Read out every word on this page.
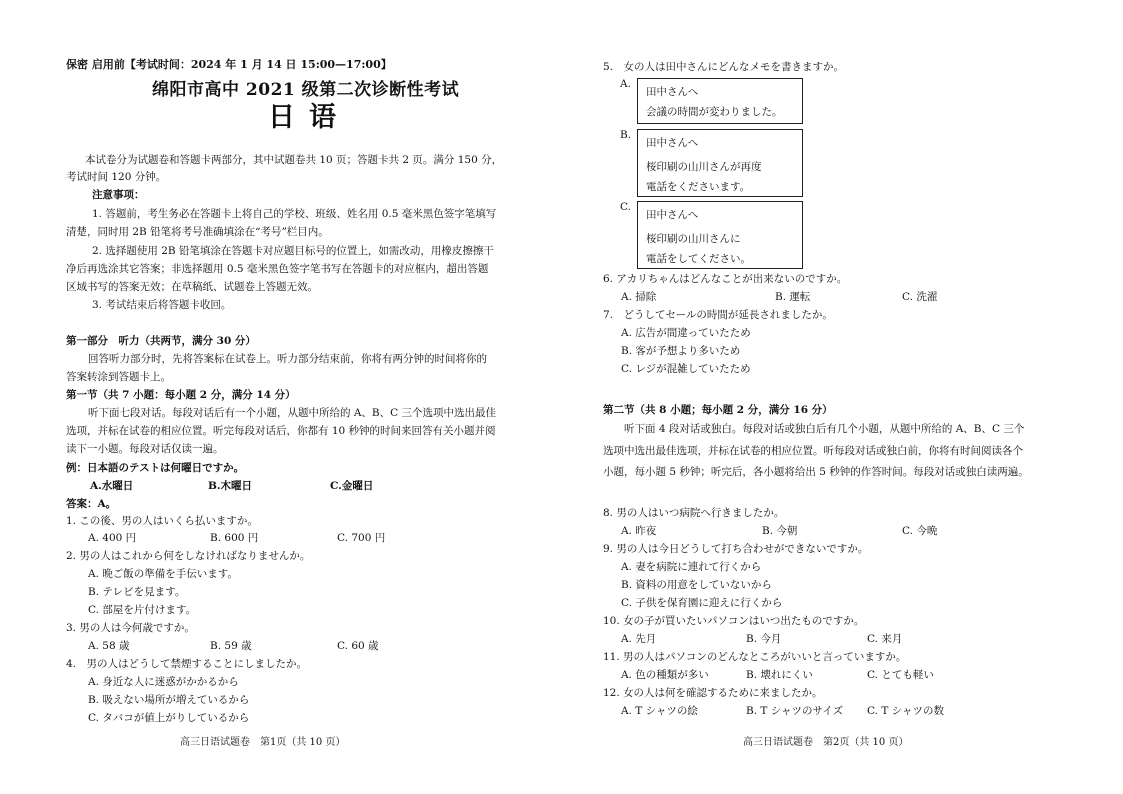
保密 启用前【考试时间：2024 年 1 月 14 日 15:00—17:00】
绵阳市高中 2021 级第二次诊断性考试
日语
本试卷分为试题卷和答题卡两部分，其中试题卷共 10 页；答题卡共 2 页。满分 150 分，
考试时间 120 分钟。
注意事项：
1. 答题前，考生务必在答题卡上将自己的学校、班级、姓名用 0.5 毫米黑色签字笔填写
清楚，同时用 2B 铅笔将考号准确填涂在“考号”栏目内。
2. 选择题使用 2B 铅笔填涂在答题卡对应题目标号的位置上，如需改动，用橡皮擦擦干
净后再选涂其它答案；非选择题用 0.5 毫米黑色签字笔书写在答题卡的对应框内，超出答题
区域书写的答案无效；在草稿纸、试题卷上答题无效。
3. 考试结束后将答题卡收回。
第一部分　听力（共两节，满分 30 分）
回答听力部分时，先将答案标在试卷上。听力部分结束前，你将有两分钟的时间将你的
答案转涂到答题卡上。
第一节（共 7 小题：每小题 2 分，满分 14 分）
听下面七段对话。每段对话后有一个小题，从题中所给的 A、B、C 三个选项中选出最佳
选项，并标在试卷的相应位置。听完每段对话后，你都有 10 秒钟的时间来回答有关小题并阅
读下一小题。每段对话仅读一遍。
例：日本語のテストは何曜日ですか。
A.水曜日	B.木曜日	C.金曜日
答案：A。
1. この後、男の人はいくら払いますか。
A. 400 円	B. 600 円	C. 700 円
2. 男の人はこれから何をしなければなりませんか。
A. 晩ご飯の準備を手伝います。
B. テレビを見ます。
C. 部屋を片付けます。
3. 男の人は今何歳ですか。
A. 58 歳	B. 59 歳	C. 60 歳
4.　男の人はどうして禁煙することにしましたか。
A. 身近な人に迷惑がかかるから
B. 吸えない場所が増えているから
C. タバコが値上がりしているから
高三日语试题卷　第1页（共 10 页）
5.　女の人は田中さんにどんなメモを書きますか。
A.
田中さんへ
会議の時間が変わりました。
B.
田中さんへ
桜印刷の山川さんが再度
電話をくださいます。
C.
田中さんへ
桜印刷の山川さんに
電話をしてください。
6. アカリちゃんはどんなことが出来ないのですか。
A. 掃除	B. 運転	C. 洗濯
7.　どうしてセールの時間が延長されましたか。
A. 広告が間違っていたため
B. 客が予想より多いため
C. レジが混雑していたため
第二节（共 8 小题；每小题 2 分，满分 16 分）
听下面 4 段对话或独白。每段对话或独白后有几个小题，从题中所给的 A、B、C 三个
选项中选出最佳选项，并标在试卷的相应位置。听每段对话或独白前，你将有时间阅读各个
小题，每小题 5 秒钟；听完后，各小题将给出 5 秒钟的作答时间。每段对话或独白读两遍。
8. 男の人はいつ病院へ行きましたか。
A. 昨夜	B. 今朝	C. 今晩
9. 男の人は今日どうして打ち合わせができないですか。
A. 妻を病院に連れて行くから
B. 資料の用意をしていないから
C. 子供を保育園に迎えに行くから
10. 女の子が買いたいパソコンはいつ出たものですか。
A. 先月	B. 今月	C. 来月
11. 男の人はパソコンのどんなところがいいと言っていますか。
A. 色の種類が多い	B. 壊れにくい	C. とても軽い
12. 女の人は何を確認するために来ましたか。
A. T シャツの絵	B. T シャツのサイズ C. T シャツの数
高三日语试题卷　第2页（共 10 页）
